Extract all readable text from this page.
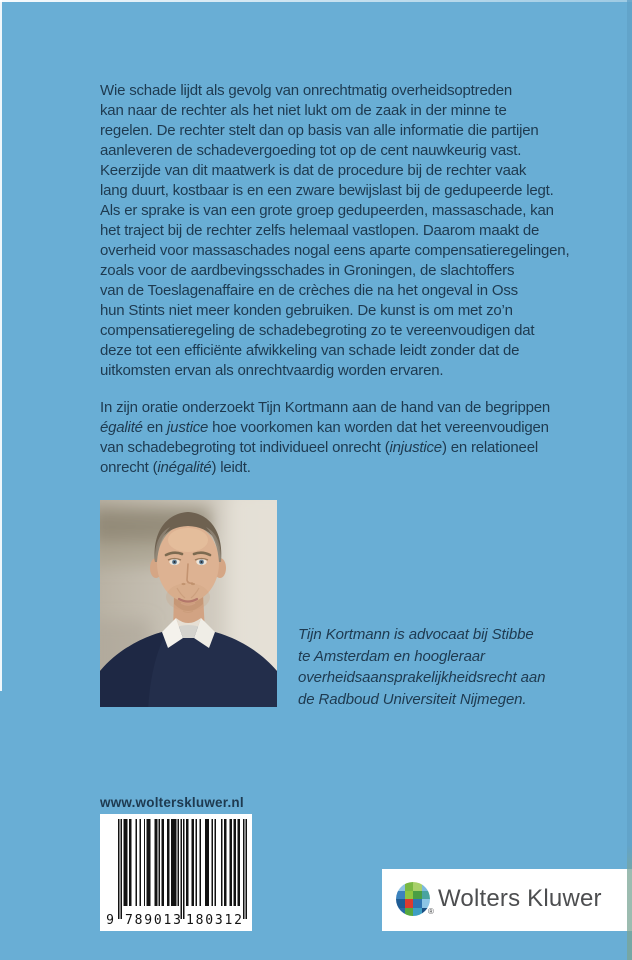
Wie schade lijdt als gevolg van onrechtmatig overheidsoptreden
kan naar de rechter als het niet lukt om de zaak in der minne te
regelen. De rechter stelt dan op basis van alle informatie die partijen
aanleveren de schadevergoeding tot op de cent nauwkeurig vast.
Keerzijde van dit maatwerk is dat de procedure bij de rechter vaak
lang duurt, kostbaar is en een zware bewijslast bij de gedupeerde legt.
Als er sprake is van een grote groep gedupeerden, massaschade, kan
het traject bij de rechter zelfs helemaal vastlopen. Daarom maakt de
overheid voor massaschades nogal eens aparte compensatieregelingen,
zoals voor de aardbevingsschades in Groningen, de slachtoffers
van de Toeslagenaffaire en de crèches die na het ongeval in Oss
hun Stints niet meer konden gebruiken. De kunst is om met zo’n
compensatieregeling de schadebegroting zo te vereenvoudigen dat
deze tot een efficiënte afwikkeling van schade leidt zonder dat de
uitkomsten ervan als onrechtvaardig worden ervaren.
In zijn oratie onderzoekt Tijn Kortmann aan de hand van de begrippen
égalité en justice hoe voorkomen kan worden dat het vereenvoudigen
van schadebegroting tot individueel onrecht (injustice) en relationeel
onrecht (inégalité) leidt.
Tijn Kortmann is advocaat bij Stibbe
te Amsterdam en hoogleraar
overheidsaansprakelijkheidsrecht aan
de Radboud Universiteit Nijmegen.
www.wolterskluwer.nl
9 789013 180312
® Wolters Kluwer
